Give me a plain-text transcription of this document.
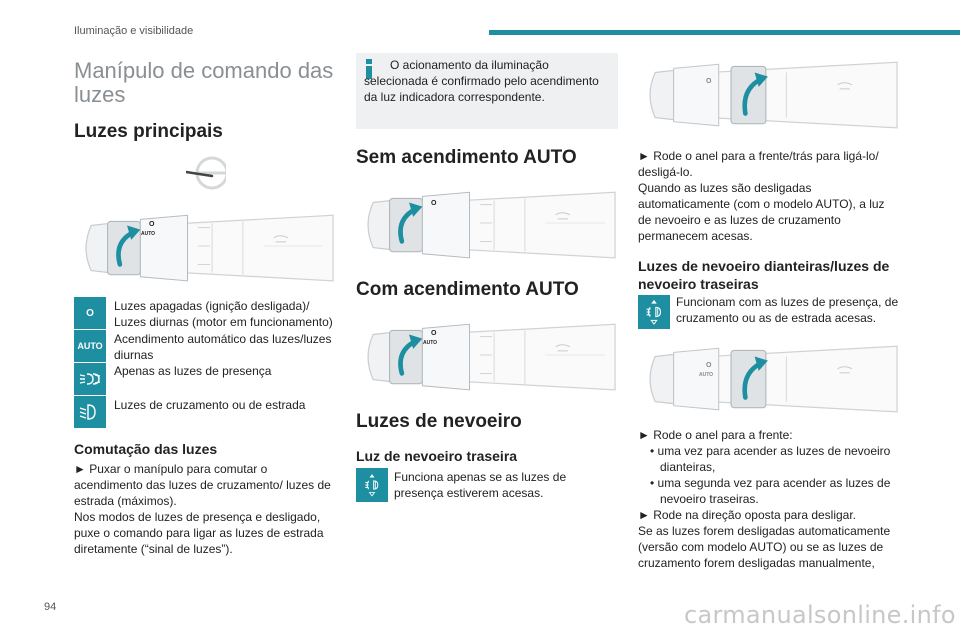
Iluminação e visibilidade
Manípulo de comando das luzes
Luzes principais
O
AUTO
O Luzes apagadas (ignição desligada)/ Luzes diurnas (motor em funcionamento)
AUTO Acendimento automático das luzes/luzes diurnas
Apenas as luzes de presença
Luzes de cruzamento ou de estrada
Comutação das luzes
► Puxar o manípulo para comutar o acendimento das luzes de cruzamento/ luzes de estrada (máximos).
Nos modos de luzes de presença e desligado, puxe o comando para ligar as luzes de estrada diretamente (“sinal de luzes”).
O acionamento da iluminação selecionada é confirmado pelo acendimento da luz indicadora correspondente.
Sem acendimento AUTO
O
Com acendimento AUTO
O
AUTO
Luzes de nevoeiro
Luz de nevoeiro traseira
Funciona apenas se as luzes de presença estiverem acesas.
O
► Rode o anel para a frente/trás para ligá-lo/ desligá-lo.
Quando as luzes são desligadas automaticamente (com o modelo AUTO), a luz de nevoeiro e as luzes de cruzamento permanecem acesas.
Luzes de nevoeiro dianteiras/luzes de nevoeiro traseiras
Funcionam com as luzes de presença, de cruzamento ou as de estrada acesas.
O
AUTO
► Rode o anel para a frente:
• uma vez para acender as luzes de nevoeiro dianteiras,
• uma segunda vez para acender as luzes de nevoeiro traseiras.
► Rode na direção oposta para desligar.
Se as luzes forem desligadas automaticamente (versão com modelo AUTO) ou se as luzes de cruzamento forem desligadas manualmente,
94	carmanualsonline.info
